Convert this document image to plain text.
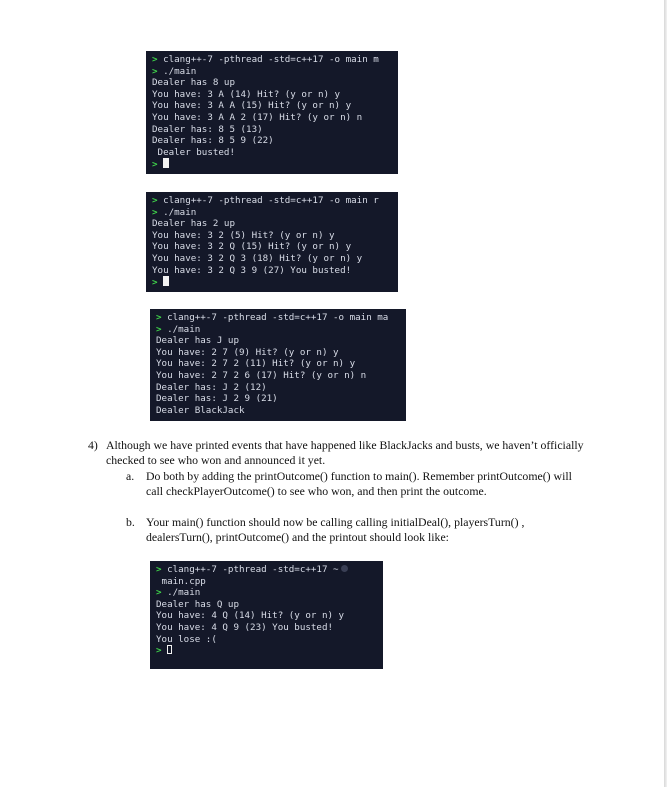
> clang++-7 -pthread -std=c++17 -o main m
> ./main
Dealer has 8 up
You have: 3 A (14) Hit? (y or n) y
You have: 3 A A (15) Hit? (y or n) y
You have: 3 A A 2 (17) Hit? (y or n) n
Dealer has: 8 5 (13)
Dealer has: 8 5 9 (22)
Dealer busted!
>
> clang++-7 -pthread -std=c++17 -o main r
> ./main
Dealer has 2 up
You have: 3 2 (5) Hit? (y or n) y
You have: 3 2 Q (15) Hit? (y or n) y
You have: 3 2 Q 3 (18) Hit? (y or n) y
You have: 3 2 Q 3 9 (27) You busted!
>
> clang++-7 -pthread -std=c++17 -o main ma
> ./main
Dealer has J up
You have: 2 7 (9) Hit? (y or n) y
You have: 2 7 2 (11) Hit? (y or n) y
You have: 2 7 2 6 (17) Hit? (y or n) n
Dealer has: J 2 (12)
Dealer has: J 2 9 (21)
Dealer BlackJack
4) Although we have printed events that have happened like BlackJacks and busts, we haven’t officially checked to see who won and announced it yet.
a. Do both by adding the printOutcome() function to main(). Remember printOutcome() will call checkPlayerOutcome() to see who won, and then print the outcome.
b. Your main() function should now be calling calling initialDeal(), playersTurn() , dealersTurn(), printOutcome() and the printout should look like:
> clang++-7 -pthread -std=c++17 ~
main.cpp
> ./main
Dealer has Q up
You have: 4 Q (14) Hit? (y or n) y
You have: 4 Q 9 (23) You busted!
You lose :(
>
